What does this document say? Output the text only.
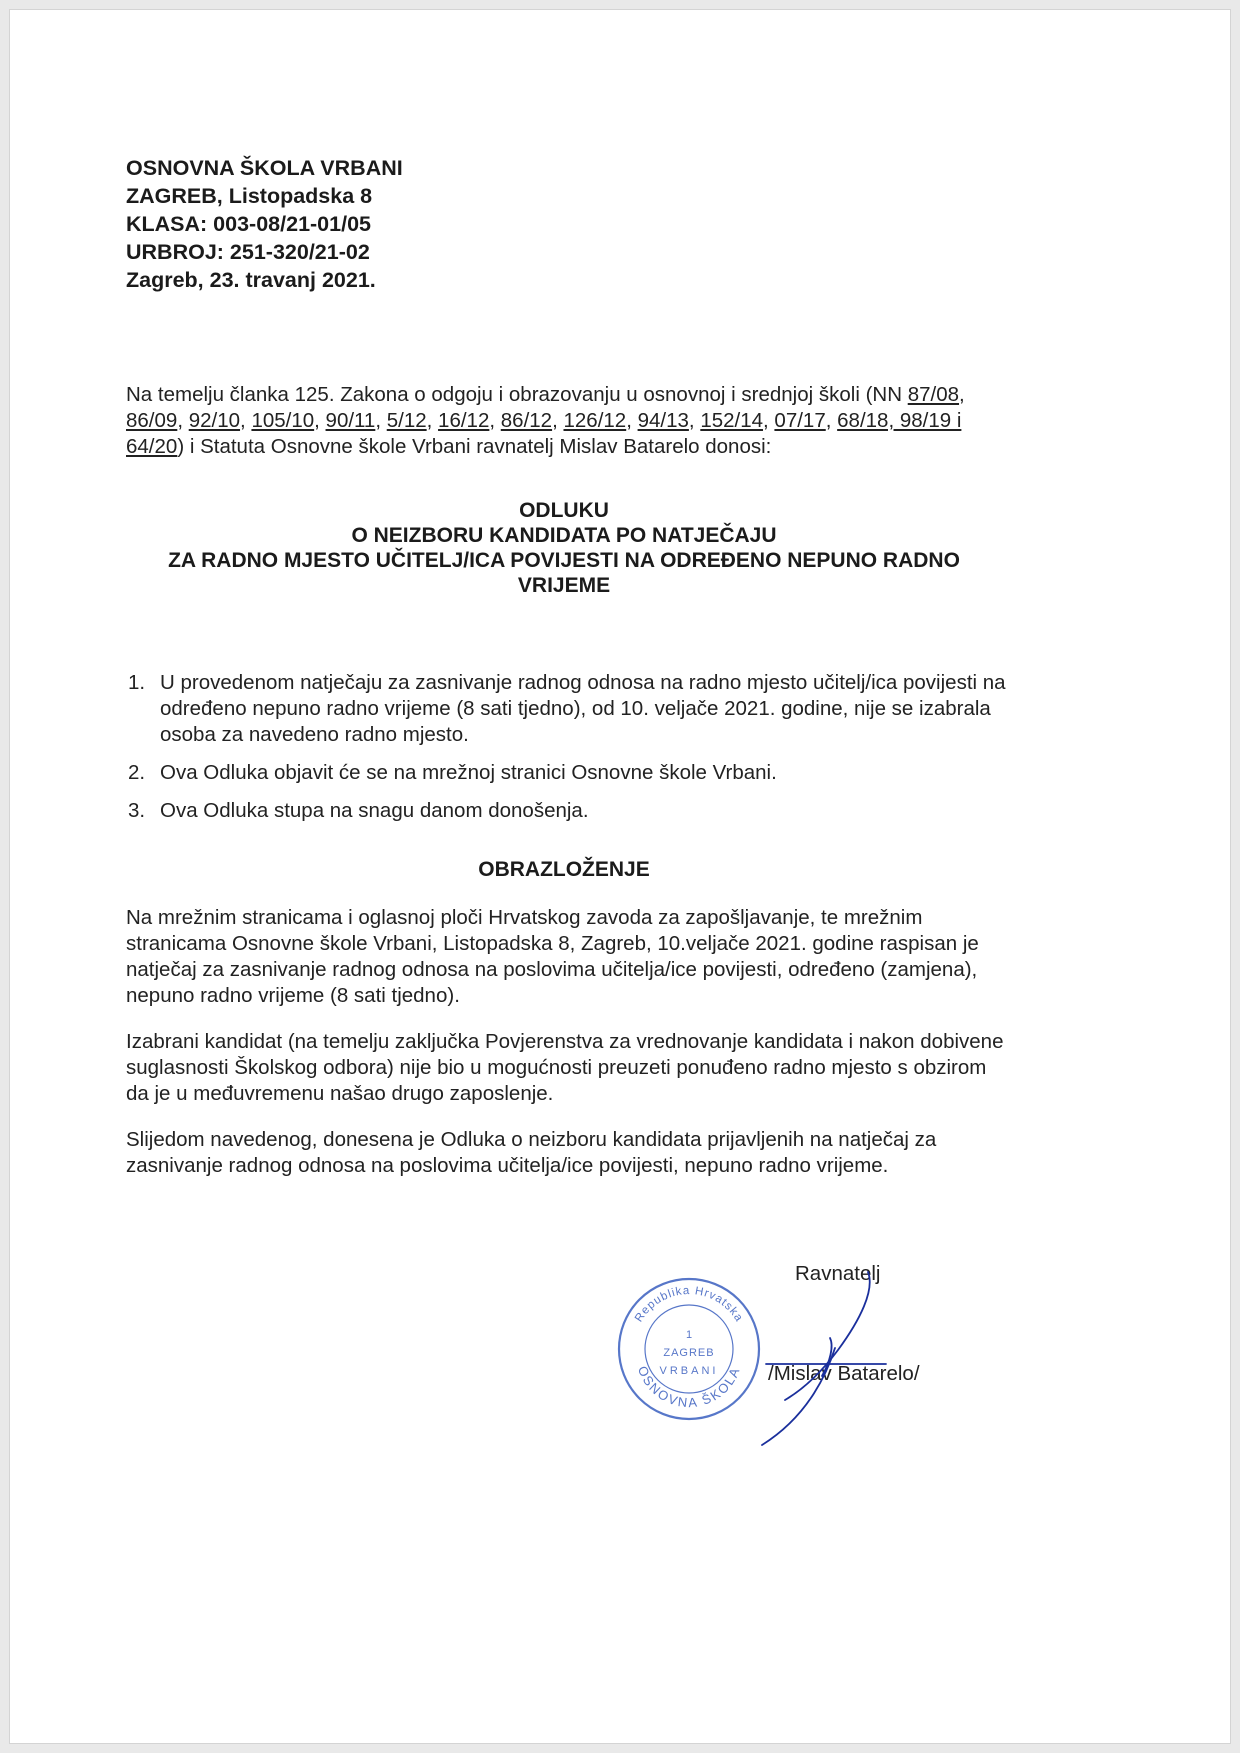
OSNOVNA ŠKOLA VRBANI
ZAGREB, Listopadska 8
KLASA: 003-08/21-01/05
URBROJ: 251-320/21-02
Zagreb, 23. travanj 2021.
Na temelju članka 125. Zakona o odgoju i obrazovanju u osnovnoj i srednjoj školi (NN 87/08, 86/09, 92/10, 105/10, 90/11, 5/12, 16/12, 86/12, 126/12, 94/13, 152/14, 07/17, 68/18, 98/19 i 64/20) i Statuta Osnovne škole Vrbani ravnatelj Mislav Batarelo donosi:
ODLUKU
O NEIZBORU KANDIDATA PO NATJEČAJU
ZA RADNO MJESTO UČITELJ/ICA POVIJESTI NA ODREĐENO NEPUNO RADNO VRIJEME
1. U provedenom natječaju za zasnivanje radnog odnosa na radno mjesto učitelj/ica povijesti na određeno nepuno radno vrijeme (8 sati tjedno), od 10. veljače 2021. godine, nije se izabrala osoba za navedeno radno mjesto.
2. Ova Odluka objavit će se na mrežnoj stranici Osnovne škole Vrbani.
3. Ova Odluka stupa na snagu danom donošenja.
OBRAZLOŽENJE

Na mrežnim stranicama i oglasnoj ploči Hrvatskog zavoda za zapošljavanje, te mrežnim stranicama Osnovne škole Vrbani, Listopadska 8, Zagreb, 10.veljače 2021. godine raspisan je natječaj za zasnivanje radnog odnosa na poslovima učitelja/ice povijesti, određeno (zamjena), nepuno radno vrijeme (8 sati tjedno).

Izabrani kandidat (na temelju zaključka Povjerenstva za vrednovanje kandidata i nakon dobivene suglasnosti Školskog odbora) nije bio u mogućnosti preuzeti ponuđeno radno mjesto s obzirom da je u međuvremenu našao drugo zaposlenje.

Slijedom navedenog, donesena je Odluka o neizboru kandidata prijavljenih na natječaj za zasnivanje radnog odnosa na poslovima učitelja/ice povijesti, nepuno radno vrijeme.

Republika Hrvatska
OSNOVNA ŠKOLA
1
ZAGREB
VRBANI
Ravnatelj
/Mislav Batarelo/
